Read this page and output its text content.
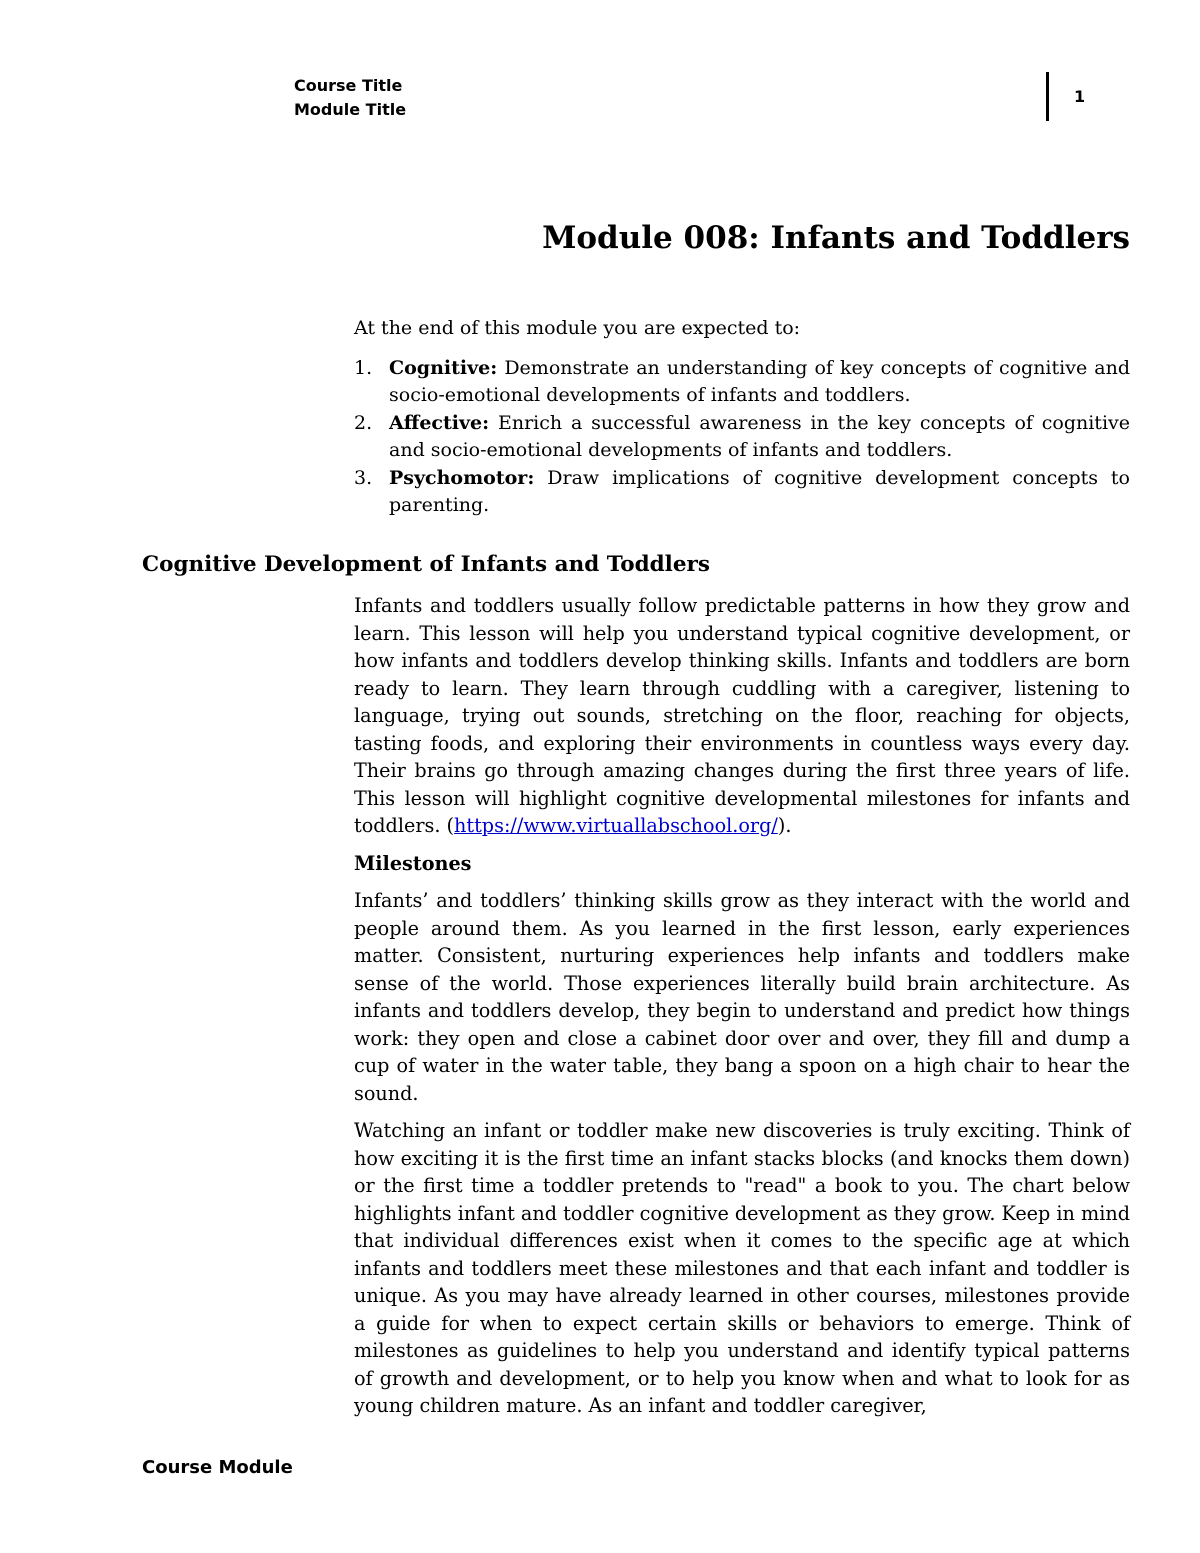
Course Title
Module Title
1
Module 008: Infants and Toddlers

At the end of this module you are expected to:

1. Cognitive: Demonstrate an understanding of key concepts of cognitive and socio-emotional developments of infants and toddlers.
2. Affective: Enrich a successful awareness in the key concepts of cognitive and socio-emotional developments of infants and toddlers.
3. Psychomotor: Draw implications of cognitive development concepts to parenting.
Cognitive Development of Infants and Toddlers

Infants and toddlers usually follow predictable patterns in how they grow and learn. This lesson will help you understand typical cognitive development, or how infants and toddlers develop thinking skills. Infants and toddlers are born ready to learn. They learn through cuddling with a caregiver, listening to language, trying out sounds, stretching on the floor, reaching for objects, tasting foods, and exploring their environments in countless ways every day. Their brains go through amazing changes during the first three years of life. This lesson will highlight cognitive developmental milestones for infants and toddlers. (https://www.virtuallabschool.org/).

Milestones

Infants’ and toddlers’ thinking skills grow as they interact with the world and people around them. As you learned in the first lesson, early experiences matter. Consistent, nurturing experiences help infants and toddlers make sense of the world. Those experiences literally build brain architecture. As infants and toddlers develop, they begin to understand and predict how things work: they open and close a cabinet door over and over, they fill and dump a cup of water in the water table, they bang a spoon on a high chair to hear the sound.

Watching an infant or toddler make new discoveries is truly exciting. Think of how exciting it is the first time an infant stacks blocks (and knocks them down) or the first time a toddler pretends to "read" a book to you. The chart below highlights infant and toddler cognitive development as they grow. Keep in mind that individual differences exist when it comes to the specific age at which infants and toddlers meet these milestones and that each infant and toddler is unique. As you may have already learned in other courses, milestones provide a guide for when to expect certain skills or behaviors to emerge. Think of milestones as guidelines to help you understand and identify typical patterns of growth and development, or to help you know when and what to look for as young children mature. As an infant and toddler caregiver,

Course Module
